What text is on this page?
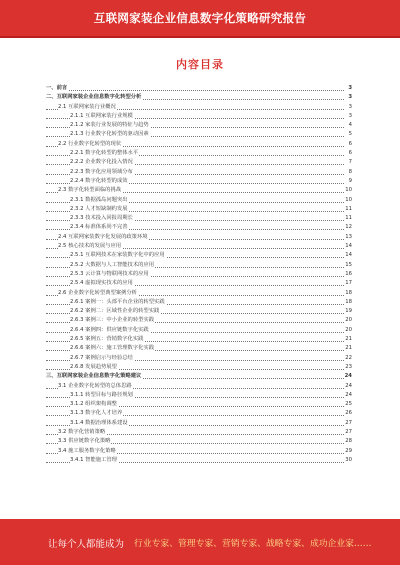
互联网家装企业信息数字化策略研究报告
内容目录
一、前言	3
二、互联网家装企业信息数字化转型分析	3
2.1 互联网家装行业概况	3
2.1.1 互联网家装行业规模	3
2.1.2 家装行业发展的特征与趋势	4
2.1.3 行业数字化转型的驱动因素	5
2.2 行业数字化转型的现状	6
2.2.1 数字化转型的整体水平	6
2.2.2 企业数字化投入情况	7
2.2.3 数字化应用领域分布	8
2.2.4 数字化转型的成效	9
2.3 数字化转型面临的挑战	10
2.3.1 数据孤岛问题突出	10
2.3.2 人才短缺制约发展	11
2.3.3 技术投入回报周期长	11
2.3.4 标准体系尚不完善	12
2.4 互联网家装数字化发展的政策环境	13
2.5 核心技术的发展与应用	14
2.5.1 互联网技术在家装数字化中的应用	14
2.5.2 大数据与人工智能技术的应用	15
2.5.3 云计算与物联网技术的应用	16
2.5.4 虚拟现实技术的应用	17
2.6 企业数字化转型典型案例分析	18
2.6.1 案例一：头部平台企业的转型实践	18
2.6.2 案例二：区域性企业的转型实践	19
2.6.3 案例三：中小企业的转型实践	20
2.6.4 案例四：供应链数字化实践	20
2.6.5 案例五：营销数字化实践	21
2.6.6 案例六：施工管理数字化实践	21
2.6.7 案例启示与经验总结	22
2.6.8 发展趋势展望	23
三、互联网家装企业信息数字化策略建议	24
3.1 企业数字化转型的总体思路	24
3.1.1 转型目标与路径规划	24
3.1.2 组织架构调整	25
3.1.3 数字化人才培养	26
3.1.4 数据治理体系建设	27
3.2 数字化营销策略	27
3.3 供应链数字化策略	28
3.4 施工服务数字化策略	29
3.4.1 智能施工管理	30
让每个人都能成为 行业专家、管理专家、营销专家、战略专家、成功企业家……
